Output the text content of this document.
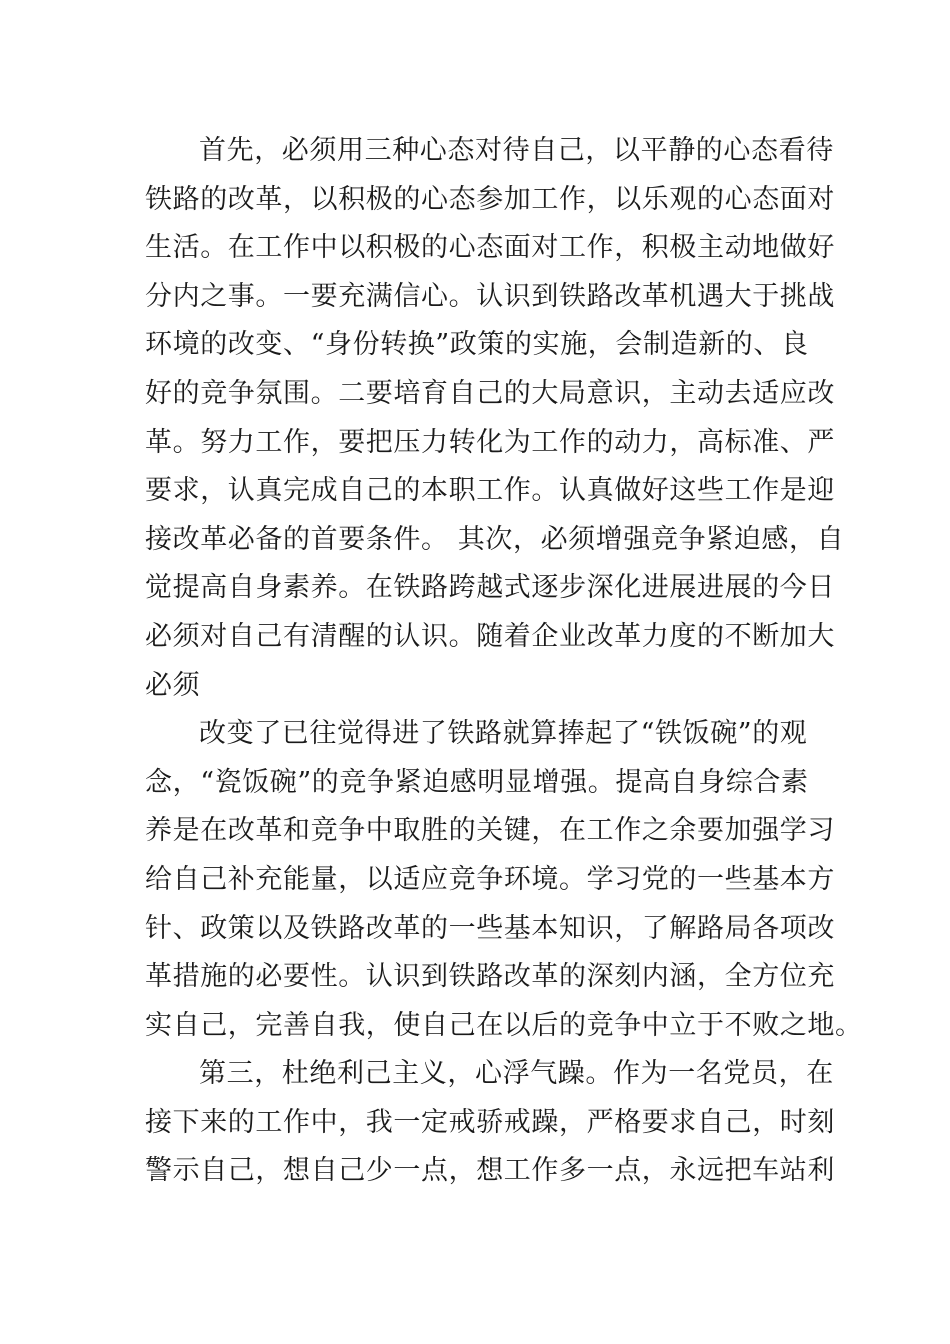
首先，必须用三种心态对待自己，以平静的心态看待
铁路的改革，以积极的心态参加工作，以乐观的心态面对
生活。在工作中以积极的心态面对工作，积极主动地做好
分内之事。一要充满信心。认识到铁路改革机遇大于挑战
环境的改变、“身份转换”政策的实施，会制造新的、良
好的竞争氛围。二要培育自己的大局意识，主动去适应改
革。努力工作，要把压力转化为工作的动力，高标准、严
要求，认真完成自己的本职工作。认真做好这些工作是迎
接改革必备的首要条件。 其次，必须增强竞争紧迫感，自
觉提高自身素养。在铁路跨越式逐步深化进展进展的今日
必须对自己有清醒的认识。随着企业改革力度的不断加大
必须

改变了已往觉得进了铁路就算捧起了“铁饭碗”的观
念，“瓷饭碗”的竞争紧迫感明显增强。提高自身综合素
养是在改革和竞争中取胜的关键，在工作之余要加强学习
给自己补充能量，以适应竞争环境。学习党的一些基本方
针、政策以及铁路改革的一些基本知识，了解路局各项改
革措施的必要性。认识到铁路改革的深刻内涵，全方位充
实自己，完善自我，使自己在以后的竞争中立于不败之地。

第三，杜绝利己主义，心浮气躁。作为一名党员，在
接下来的工作中，我一定戒骄戒躁，严格要求自己，时刻
警示自己，想自己少一点，想工作多一点，永远把车站利
